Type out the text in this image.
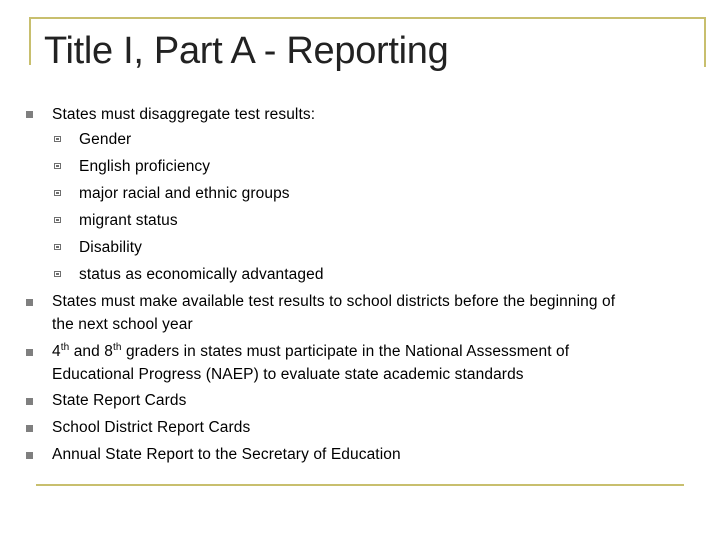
Title I, Part A - Reporting
States must disaggregate test results:
Gender
English proficiency
major racial and ethnic groups
migrant status
Disability
status as economically advantaged
States must make available test results to school districts before the beginning of
the next school year
4th and 8th graders in states must participate in the National Assessment of
Educational Progress (NAEP) to evaluate state academic standards
State Report Cards
School District Report Cards
Annual State Report to the Secretary of Education
